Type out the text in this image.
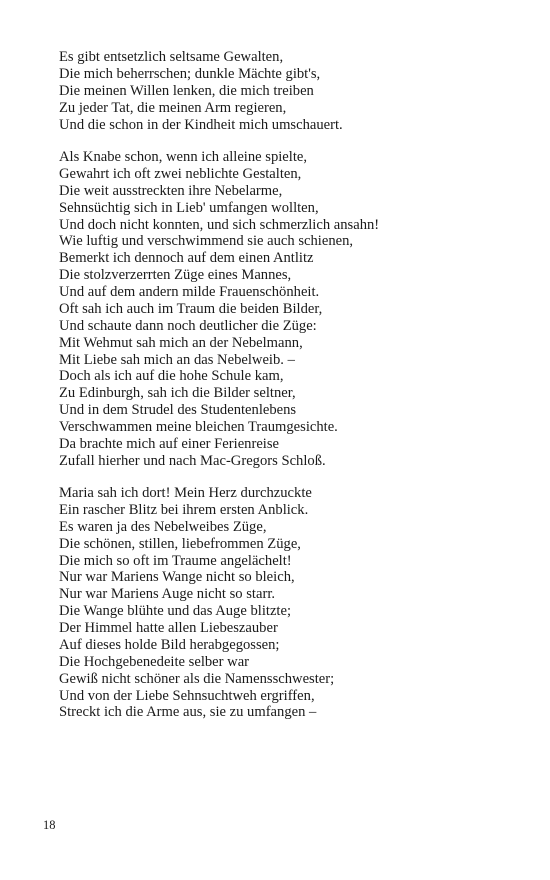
Es gibt entsetzlich seltsame Gewalten,
Die mich beherrschen; dunkle Mächte gibt's,
Die meinen Willen lenken, die mich treiben
Zu jeder Tat, die meinen Arm regieren,
Und die schon in der Kindheit mich umschauert.
Als Knabe schon, wenn ich alleine spielte,
Gewahrt ich oft zwei neblichte Gestalten,
Die weit ausstreckten ihre Nebelarme,
Sehnsüchtig sich in Lieb' umfangen wollten,
Und doch nicht konnten, und sich schmerzlich ansahn!
Wie luftig und verschwimmend sie auch schienen,
Bemerkt ich dennoch auf dem einen Antlitz
Die stolzverzerrten Züge eines Mannes,
Und auf dem andern milde Frauenschönheit.
Oft sah ich auch im Traum die beiden Bilder,
Und schaute dann noch deutlicher die Züge:
Mit Wehmut sah mich an der Nebelmann,
Mit Liebe sah mich an das Nebelweib. –
Doch als ich auf die hohe Schule kam,
Zu Edinburgh, sah ich die Bilder seltner,
Und in dem Strudel des Studentenlebens
Verschwammen meine bleichen Traumgesichte.
Da brachte mich auf einer Ferienreise
Zufall hierher und nach Mac-Gregors Schloß.
Maria sah ich dort! Mein Herz durchzuckte
Ein rascher Blitz bei ihrem ersten Anblick.
Es waren ja des Nebelweibes Züge,
Die schönen, stillen, liebefrommen Züge,
Die mich so oft im Traume angelächelt!
Nur war Mariens Wange nicht so bleich,
Nur war Mariens Auge nicht so starr.
Die Wange blühte und das Auge blitzte;
Der Himmel hatte allen Liebeszauber
Auf dieses holde Bild herabgegossen;
Die Hochgebenedeite selber war
Gewiß nicht schöner als die Namensschwester;
Und von der Liebe Sehnsuchtweh ergriffen,
Streckt ich die Arme aus, sie zu umfangen –
18
